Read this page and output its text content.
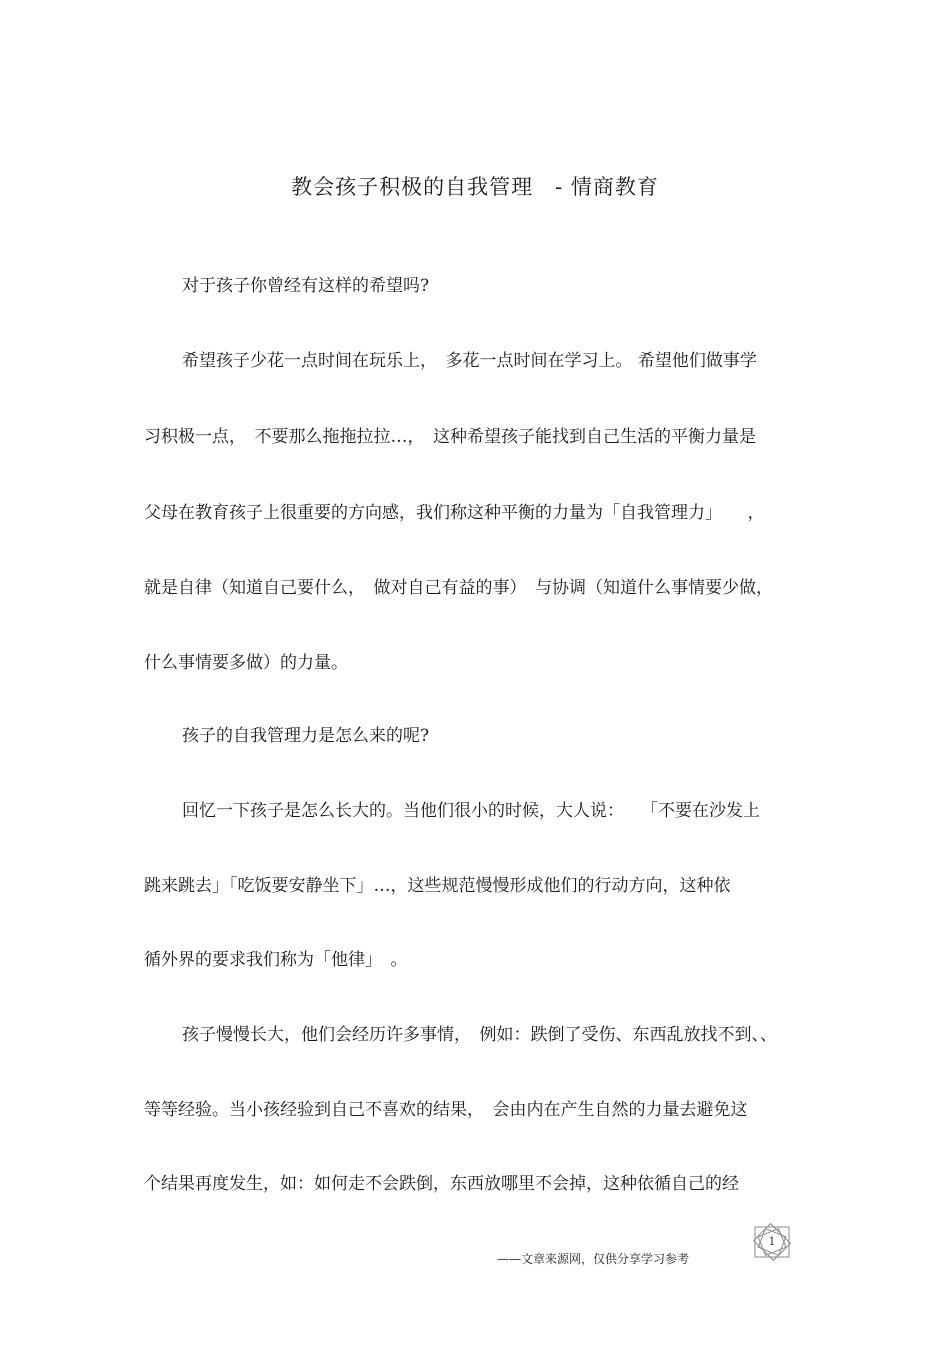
教会孩子积极的自我管理　- 情商教育
对于孩子你曾经有这样的希望吗?
希望孩子少花一点时间在玩乐上，　多花一点时间在学习上。 希望他们做事学
习积极一点，　不要那么拖拖拉拉…，　这种希望孩子能找到自己生活的平衡力量是
父母在教育孩子上很重要的方向感，我们称这种平衡的力量为「自我管理力」　　，
就是自律（知道自己要什么，　做对自己有益的事）　与协调（知道什么事情要少做，
什么事情要多做）的力量。
孩子的自我管理力是怎么来的呢?
回忆一下孩子是怎么长大的。当他们很小的时候，大人说：　　「不要在沙发上
跳来跳去」「吃饭要安静坐下」…，这些规范慢慢形成他们的行动方向，这种依
循外界的要求我们称为「他律」　。
孩子慢慢长大，他们会经历许多事情，　例如：跌倒了受伤、东西乱放找不到、、
等等经验。当小孩经验到自己不喜欢的结果，　会由内在产生自然的力量去避免这
个结果再度发生，如：如何走不会跌倒，东西放哪里不会掉，这种依循自己的经
——文章来源网，仅供分享学习参考
1
